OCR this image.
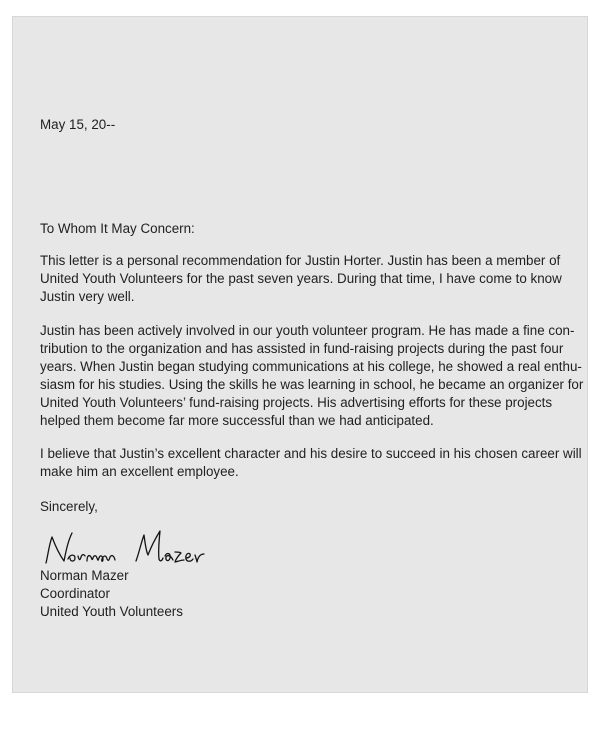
May 15, 20--
To Whom It May Concern:
This letter is a personal recommendation for Justin Horter. Justin has been a member of
United Youth Volunteers for the past seven years. During that time, I have come to know
Justin very well.
Justin has been actively involved in our youth volunteer program. He has made a fine con-
tribution to the organization and has assisted in fund-raising projects during the past four
years. When Justin began studying communications at his college, he showed a real enthu-
siasm for his studies. Using the skills he was learning in school, he became an organizer for
United Youth Volunteers’ fund-raising projects. His advertising efforts for these projects
helped them become far more successful than we had anticipated.
I believe that Justin’s excellent character and his desire to succeed in his chosen career will
make him an excellent employee.
Sincerely,
Norman Mazer
Coordinator
United Youth Volunteers
